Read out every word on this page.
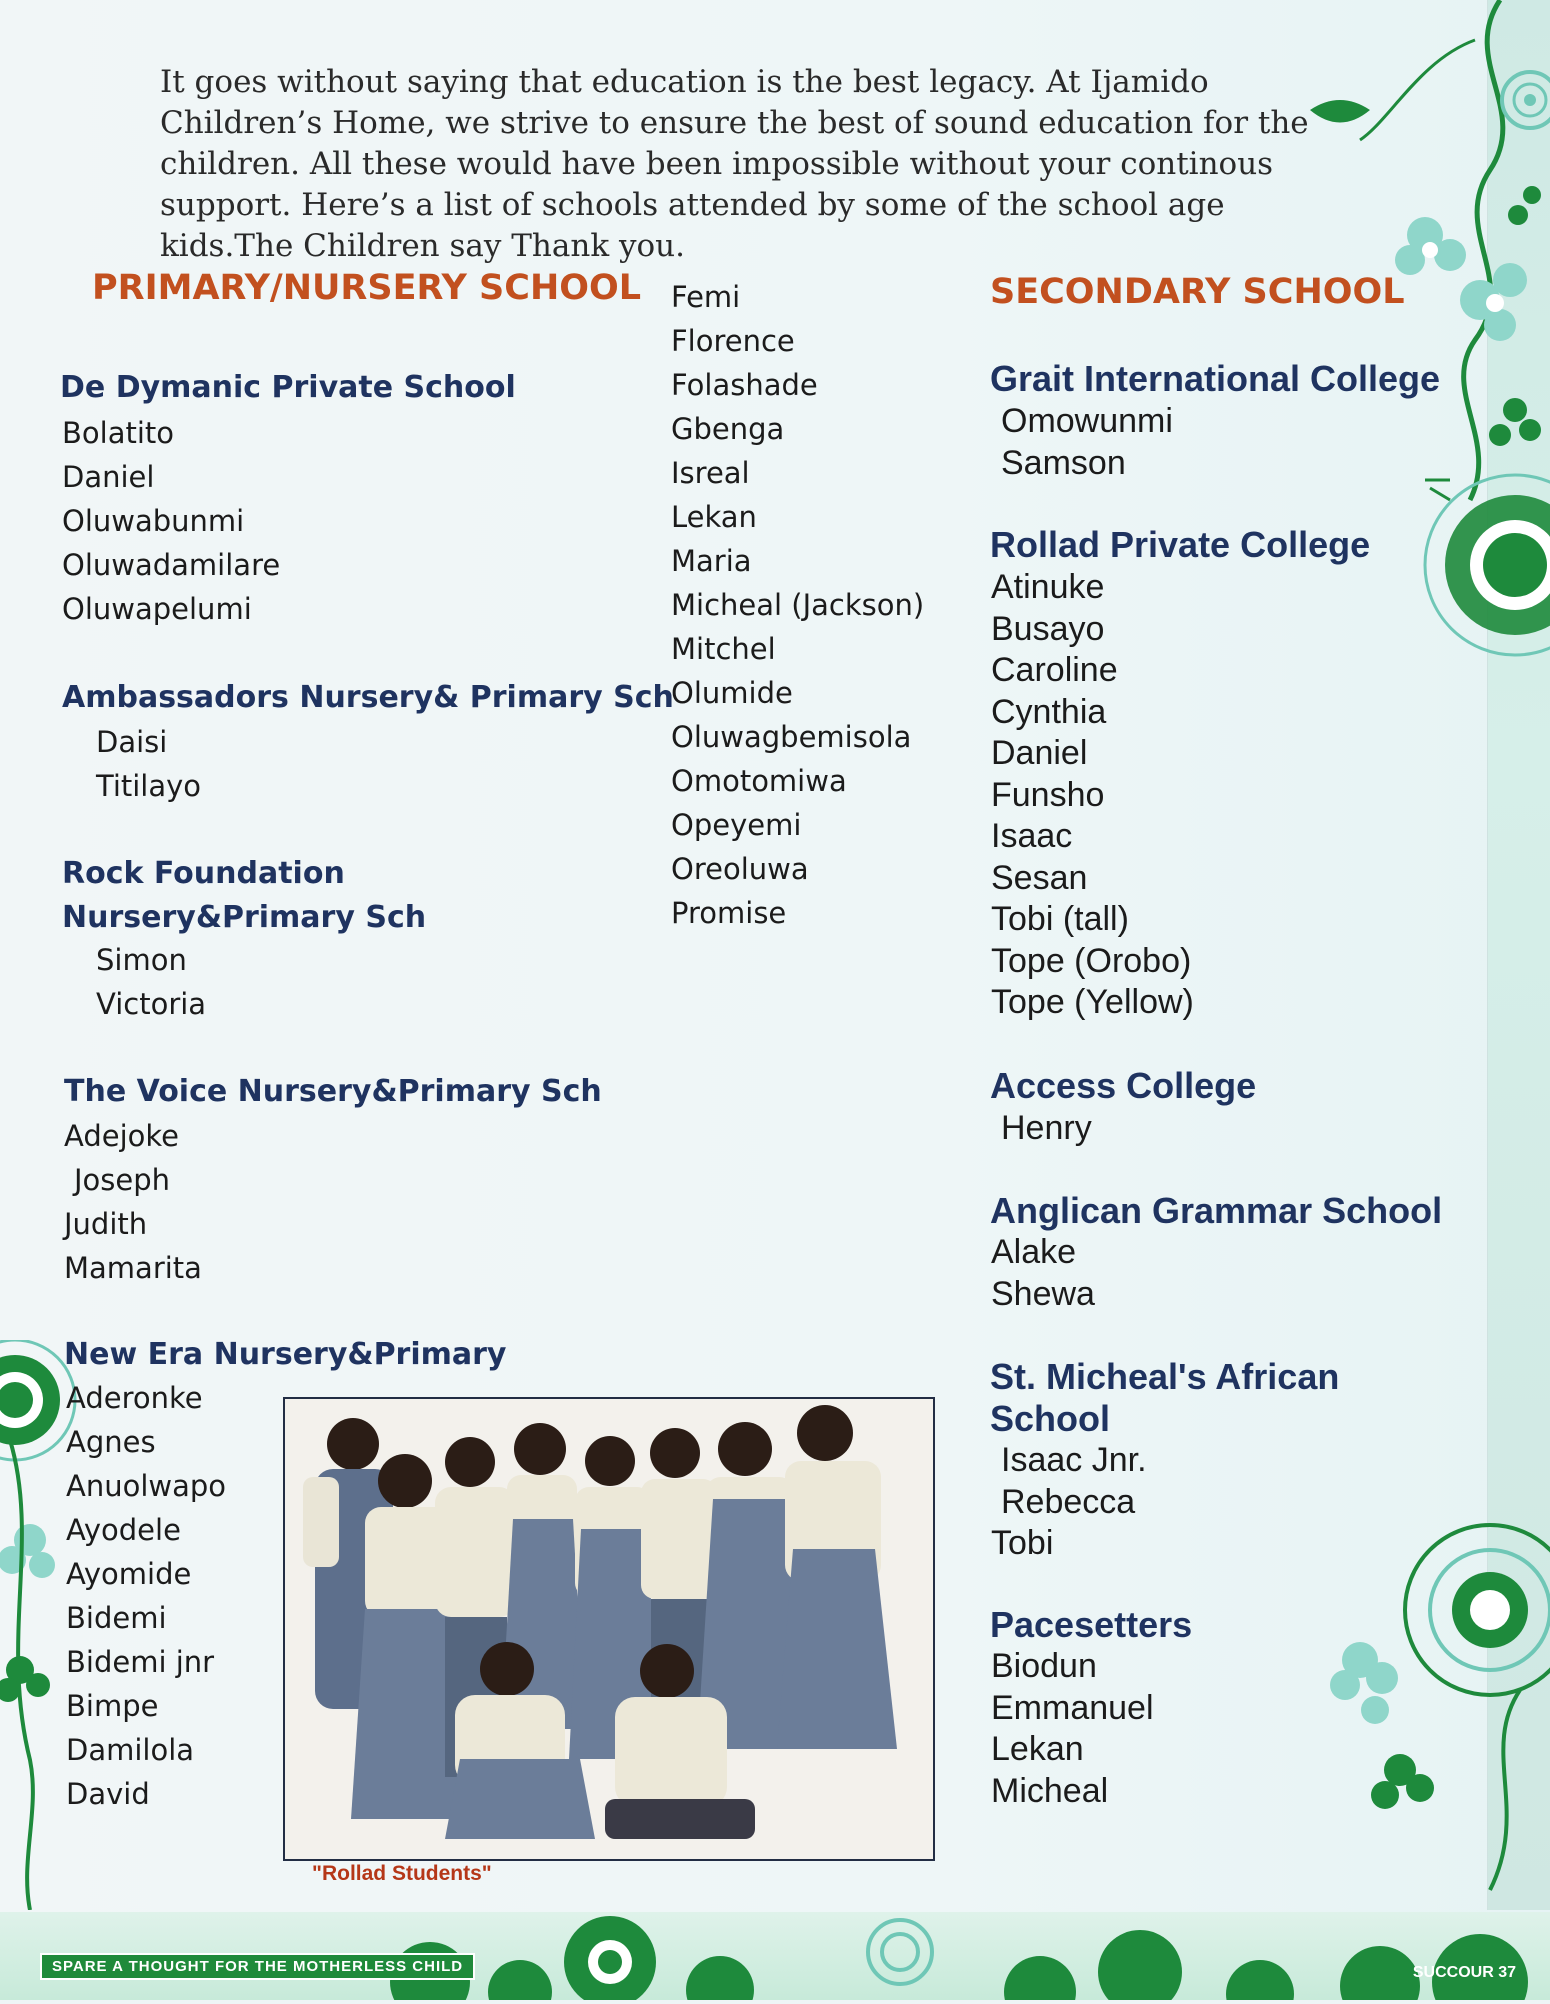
It goes without saying that education is the best legacy. At Ijamido Children’s Home, we strive to ensure the best of sound education for the children. All these would have been impossible without your continous support. Here’s a list of schools attended by some of the school age kids.The Children say Thank you.

PRIMARY/NURSERY SCHOOL
De Dymanic Private School
Bolatito
Daniel
Oluwabunmi
Oluwadamilare
Oluwapelumi
Ambassadors Nursery& Primary Sch
Daisi
Titilayo
Rock Foundation Nursery&Primary Sch
Simon
Victoria
The Voice Nursery&Primary Sch
Adejoke
Joseph
Judith
Mamarita
New Era Nursery&Primary
Aderonke
Agnes
Anuolwapo
Ayodele
Ayomide
Bidemi
Bidemi jnr
Bimpe
Damilola
David
Femi
Florence
Folashade
Gbenga
Isreal
Lekan
Maria
Micheal (Jackson)
Mitchel
Olumide
Oluwagbemisola
Omotomiwa
Opeyemi
Oreoluwa
Promise
SECONDARY SCHOOL
Grait International College
Omowunmi
Samson
Rollad Private College
Atinuke
Busayo
Caroline
Cynthia
Daniel
Funsho
Isaac
Sesan
Tobi (tall)
Tope (Orobo)
Tope (Yellow)
Access College
Henry
Anglican Grammar School
Alake
Shewa
St. Micheal's African School
Isaac Jnr.
Rebecca
Tobi
Pacesetters
Biodun
Emmanuel
Lekan
Micheal

"Rollad Students"

SPARE A THOUGHT FOR THE MOTHERLESS CHILD	SUCCOUR 37
